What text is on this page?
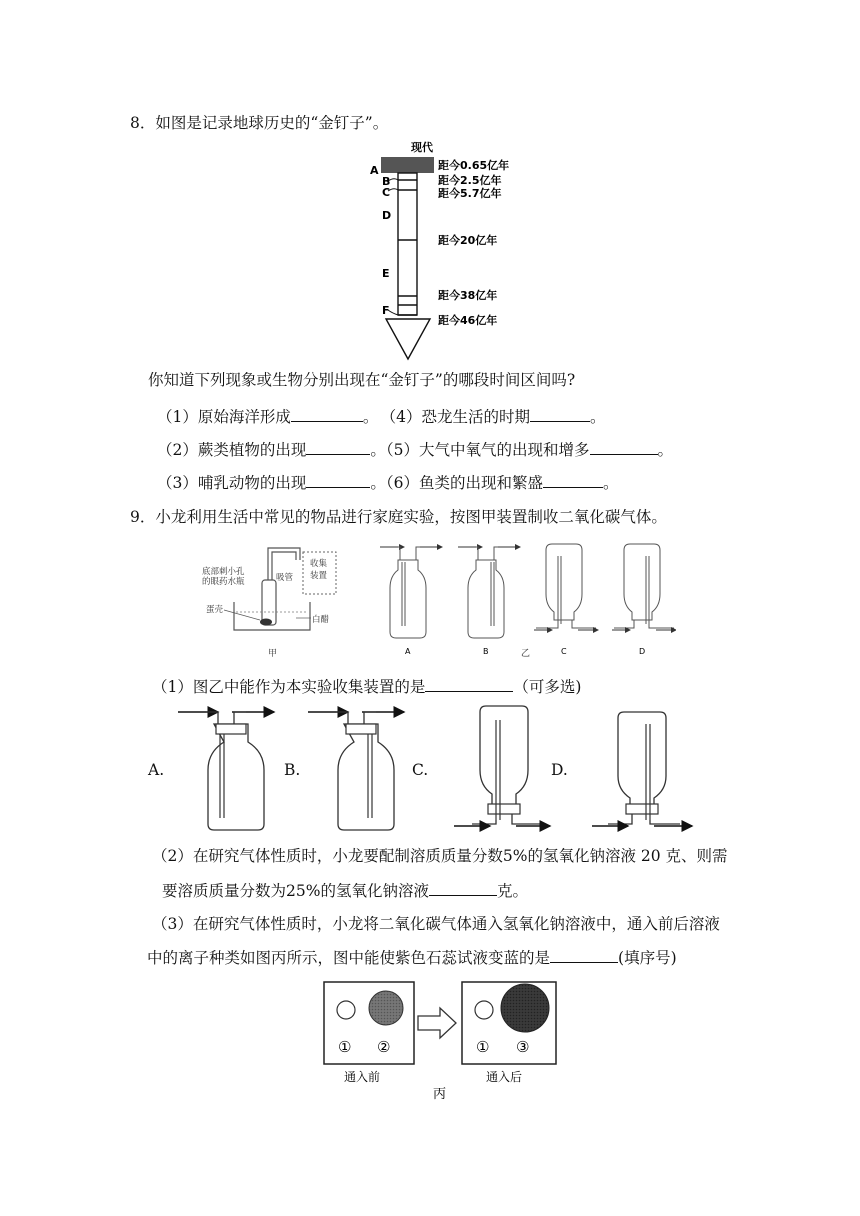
8．如图是记录地球历史的“金钉子”。
现代
A
B
C
D
E
F
距今0.65亿年
距今2.5亿年
距今5.7亿年
距今20亿年
距今38亿年
距今46亿年
你知道下列现象或生物分别出现在“金钉子”的哪段时间区间吗?
（1）原始海洋形成	。 （4）恐龙生活的时期	。
（2）蕨类植物的出现	。（5）大气中氧气的出现和增多	。
（3）哺乳动物的出现	。（6）鱼类的出现和繁盛	。
9．小龙利用生活中常见的物品进行家庭实验，按图甲装置制收二氧化碳气体。
底部刺小孔
的眼药水瓶	吸管
收集
装置
蛋壳
白醋
甲	A	B	C	D
乙
（1）图乙中能作为本实验收集装置的是	（可多选)
A.	B.	C.	D.
（2）在研究气体性质时，小龙要配制溶质质量分数5%的氢氧化钠溶液 20 克、则需
要溶质质量分数为25%的氢氧化钠溶液	克。
（3）在研究气体性质时，小龙将二氧化碳气体通入氢氧化钠溶液中，通入前后溶液
中的离子种类如图丙所示，图中能使紫色石蕊试液变蓝的是	(填序号)
① ②
通入前
① ③
通入后
丙
